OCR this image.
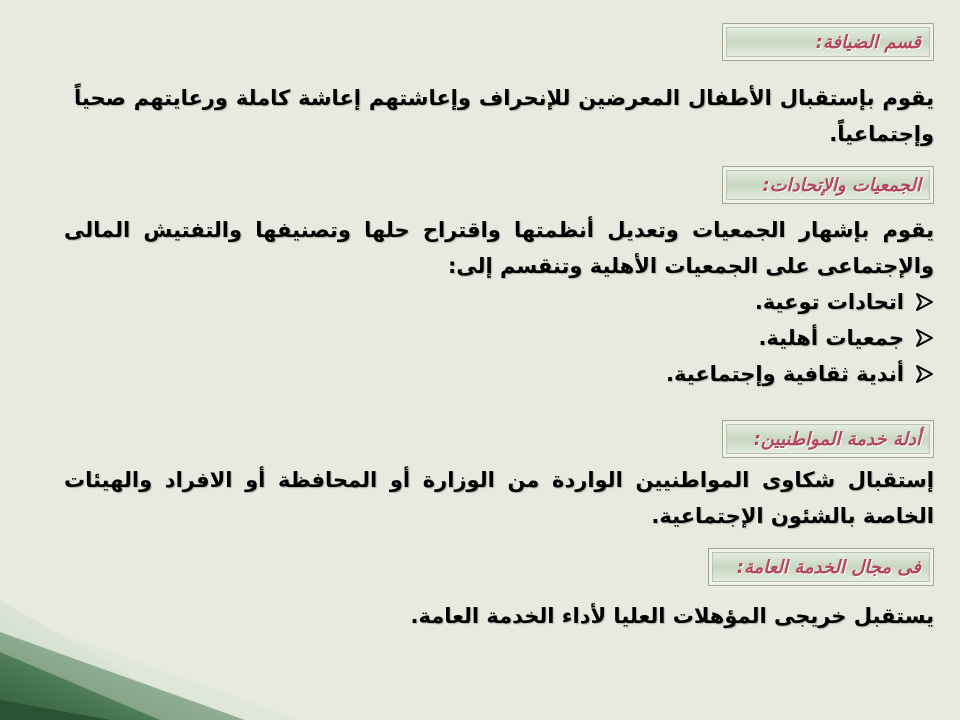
قسم الضيافة:
يقوم بإستقبال الأطفال المعرضين للإنحراف وإعاشتهم إعاشة كاملة ورعايتهم صحياً وإجتماعياً.
الجمعيات والإتحادات:
يقوم بإشهار الجمعيات وتعديل أنظمتها واقتراح حلها وتصنيفها والتفتيش المالى والإجتماعى على الجمعيات الأهلية وتنقسم إلى:
اتحادات توعية.
جمعيات أهلية.
أندية ثقافية وإجتماعية.
أدلة خدمة المواطنيين:
إستقبال شكاوى المواطنيين الواردة من الوزارة أو المحافظة أو الافراد والهيئات الخاصة بالشئون الإجتماعية.
فى مجال الخدمة العامة:
يستقبل خريجى المؤهلات العليا لأداء الخدمة العامة.
